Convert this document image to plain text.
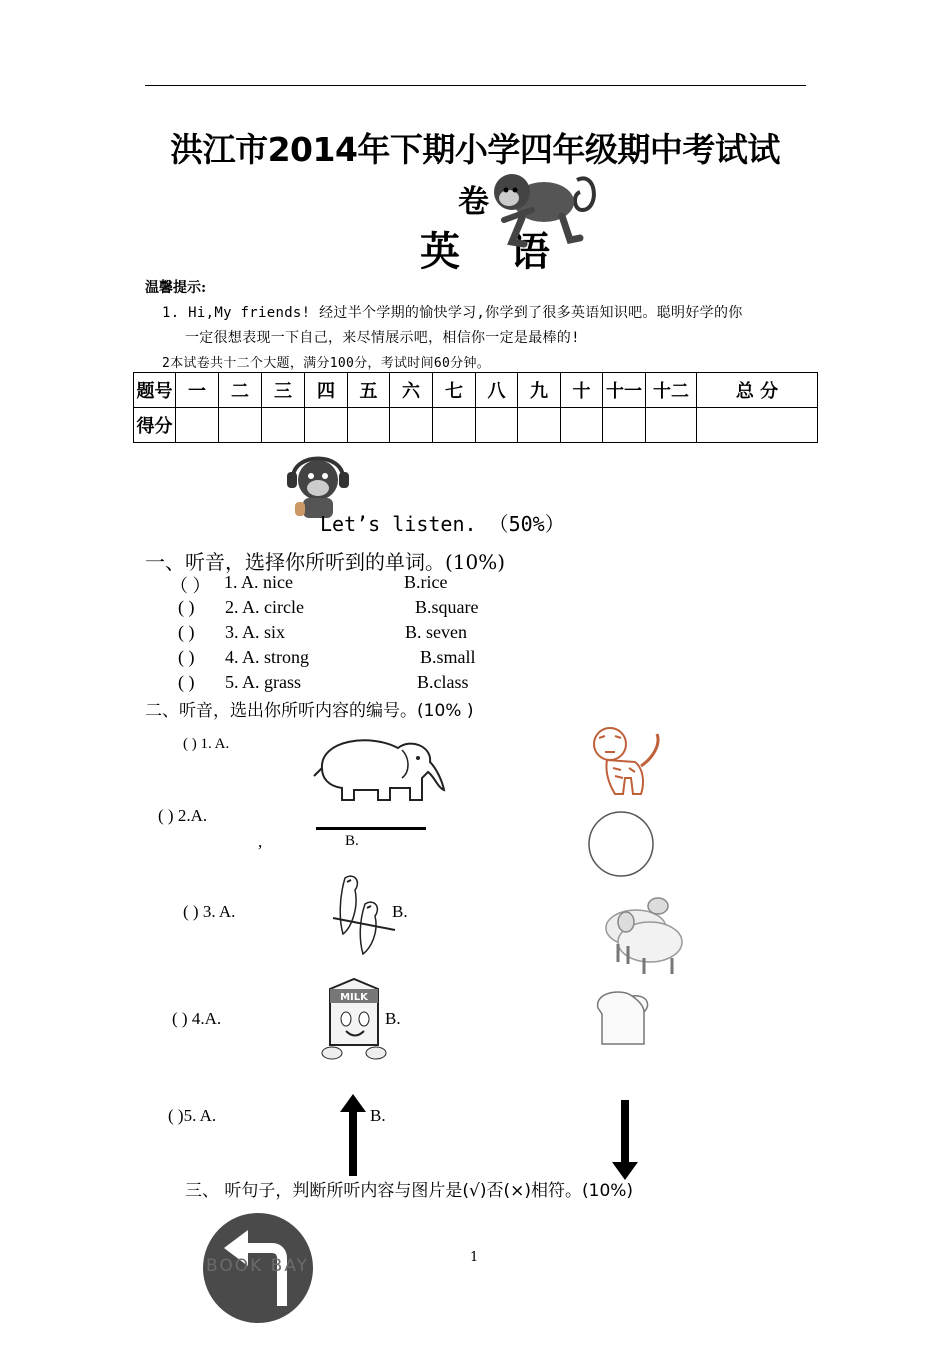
洪江市2014年下期小学四年级期中考试试
卷
英 语
温馨提示:
1. Hi,My friends! 经过半个学期的愉快学习,你学到了很多英语知识吧。聪明好学的你
一定很想表现一下自己，来尽情展示吧，相信你一定是最棒的!
2本试卷共十二个大题，满分100分，考试时间60分钟。
题号	一	二	三	四	五	六	七	八	九	十	十一	十二	总 分
得分													
Let’s listen. （50%）
一、听音，选择你所听到的单词。(10%)
（ ） 1. A. nice	B.rice
( ) 2. A. circle	B.square
( ) 3. A. six	B. seven
( ) 4. A. strong	B.small
( ) 5. A. grass	B.class
二、听音，选出你所听内容的编号。(10% )
( ) 1. A.
( ) 2.A.
,	B.
( ) 3. A.	B.
( ) 4.A.	B.
( )5. A.	B.
MILK
三、 听句子，判断所听内容与图片是(√)否(×)相符。(10%)
BOOK BAY	1
